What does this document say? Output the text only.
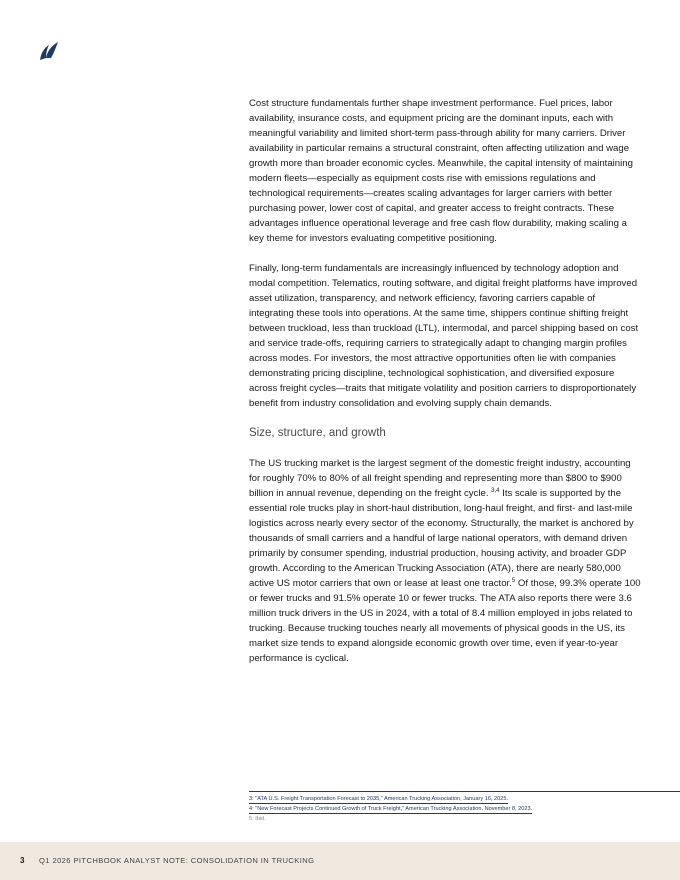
Cost structure fundamentals further shape investment performance. Fuel prices, labor availability, insurance costs, and equipment pricing are the dominant inputs, each with meaningful variability and limited short-term pass-through ability for many carriers. Driver availability in particular remains a structural constraint, often affecting utilization and wage growth more than broader economic cycles. Meanwhile, the capital intensity of maintaining modern fleets—especially as equipment costs rise with emissions regulations and technological requirements—creates scaling advantages for larger carriers with better purchasing power, lower cost of capital, and greater access to freight contracts. These advantages influence operational leverage and free cash flow durability, making scaling a key theme for investors evaluating competitive positioning.

Finally, long-term fundamentals are increasingly influenced by technology adoption and modal competition. Telematics, routing software, and digital freight platforms have improved asset utilization, transparency, and network efficiency, favoring carriers capable of integrating these tools into operations. At the same time, shippers continue shifting freight between truckload, less than truckload (LTL), intermodal, and parcel shipping based on cost and service trade-offs, requiring carriers to strategically adapt to changing margin profiles across modes. For investors, the most attractive opportunities often lie with companies demonstrating pricing discipline, technological sophistication, and diversified exposure across freight cycles—traits that mitigate volatility and position carriers to disproportionately benefit from industry consolidation and evolving supply chain demands.

Size, structure, and growth

The US trucking market is the largest segment of the domestic freight industry, accounting for roughly 70% to 80% of all freight spending and representing more than $800 to $900 billion in annual revenue, depending on the freight cycle. $^{3,4}$ Its scale is supported by the essential role trucks play in short-haul distribution, long-haul freight, and first- and last-mile logistics across nearly every sector of the economy. Structurally, the market is anchored by thousands of small carriers and a handful of large national operators, with demand driven primarily by consumer spending, industrial production, housing activity, and broader GDP growth. According to the American Trucking Association (ATA), there are nearly 580,000 active US motor carriers that own or lease at least one tractor.$^5$ Of those, 99.3% operate 100 or fewer trucks and 91.5% operate 10 or fewer trucks. The ATA also reports there were 3.6 million truck drivers in the US in 2024, with a total of 8.4 million employed in jobs related to trucking. Because trucking touches nearly all movements of physical goods in the US, its market size tends to expand alongside economic growth over time, even if year-to-year performance is cyclical.

3: "ATA U.S. Freight Transportation Forecast to 2035," American Trucking Association, January 16, 2025.
4: "New Forecast Projects Continued Growth of Truck Freight," American Trucking Association, November 8, 2023.
5: Ibid.
3 Q1 2026 PITCHBOOK ANALYST NOTE: CONSOLIDATION IN TRUCKING
